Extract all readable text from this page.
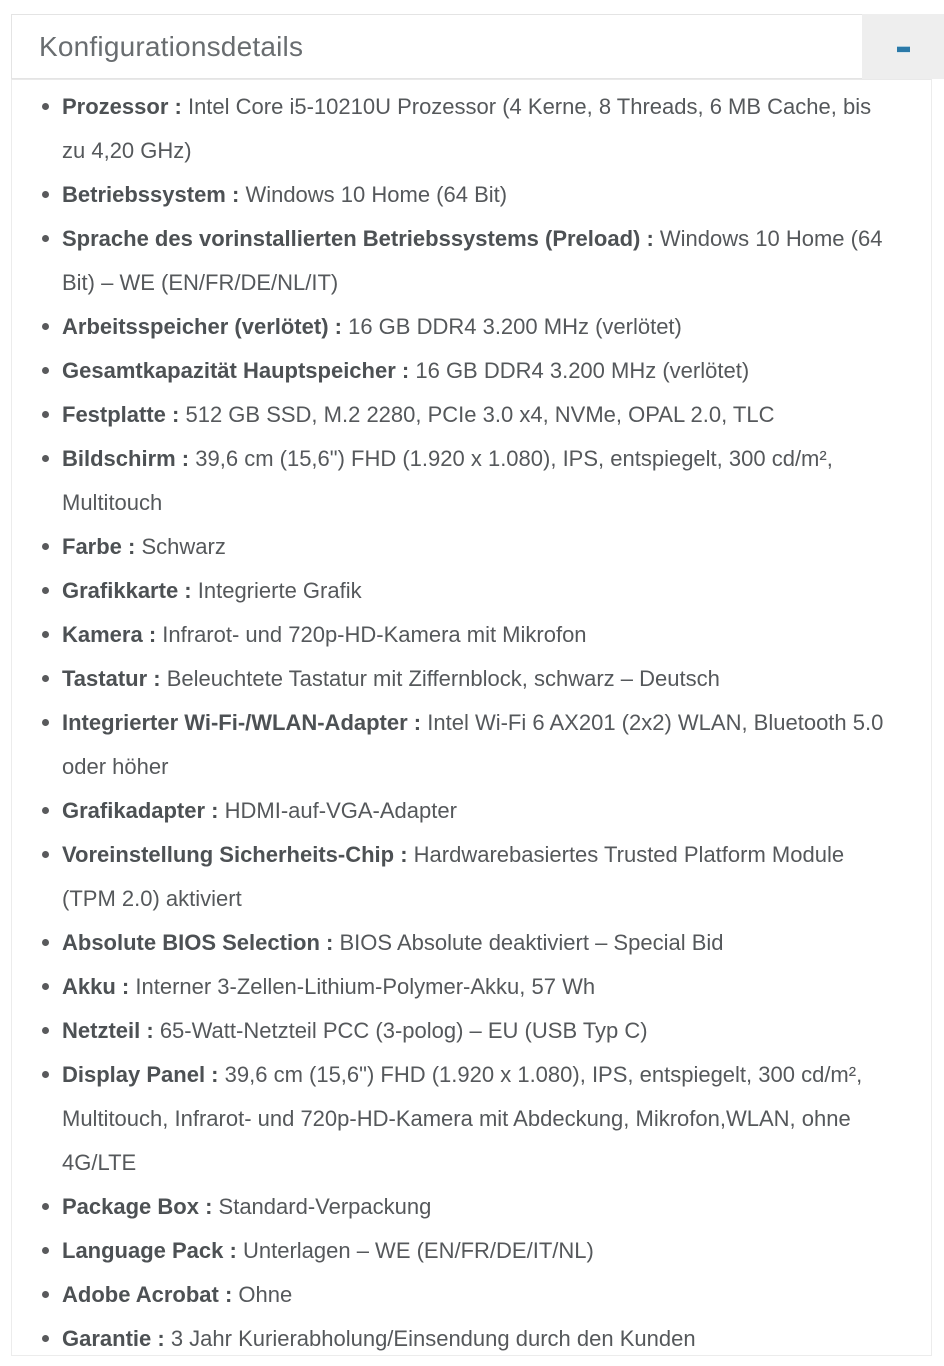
Konfigurationsdetails
Prozessor : Intel Core i5-10210U Prozessor (4 Kerne, 8 Threads, 6 MB Cache, bis zu 4,20 GHz)
Betriebssystem : Windows 10 Home (64 Bit)
Sprache des vorinstallierten Betriebssystems (Preload) : Windows 10 Home (64 Bit) – WE (EN/FR/DE/NL/IT)
Arbeitsspeicher (verlötet) : 16 GB DDR4 3.200 MHz (verlötet)
Gesamtkapazität Hauptspeicher : 16 GB DDR4 3.200 MHz (verlötet)
Festplatte : 512 GB SSD, M.2 2280, PCIe 3.0 x4, NVMe, OPAL 2.0, TLC
Bildschirm : 39,6 cm (15,6") FHD (1.920 x 1.080), IPS, entspiegelt, 300 cd/m², Multitouch
Farbe : Schwarz
Grafikkarte : Integrierte Grafik
Kamera : Infrarot- und 720p-HD-Kamera mit Mikrofon
Tastatur : Beleuchtete Tastatur mit Ziffernblock, schwarz – Deutsch
Integrierter Wi-Fi-/WLAN-Adapter : Intel Wi-Fi 6 AX201 (2x2) WLAN, Bluetooth 5.0 oder höher
Grafikadapter : HDMI-auf-VGA-Adapter
Voreinstellung Sicherheits-Chip : Hardwarebasiertes Trusted Platform Module (TPM 2.0) aktiviert
Absolute BIOS Selection : BIOS Absolute deaktiviert – Special Bid
Akku : Interner 3-Zellen-Lithium-Polymer-Akku, 57 Wh
Netzteil : 65-Watt-Netzteil PCC (3-polog) – EU (USB Typ C)
Display Panel : 39,6 cm (15,6") FHD (1.920 x 1.080), IPS, entspiegelt, 300 cd/m², Multitouch, Infrarot- und 720p-HD-Kamera mit Abdeckung, Mikrofon,WLAN, ohne 4G/LTE
Package Box : Standard-Verpackung
Language Pack : Unterlagen – WE (EN/FR/DE/IT/NL)
Adobe Acrobat : Ohne
Garantie : 3 Jahr Kurierabholung/Einsendung durch den Kunden
